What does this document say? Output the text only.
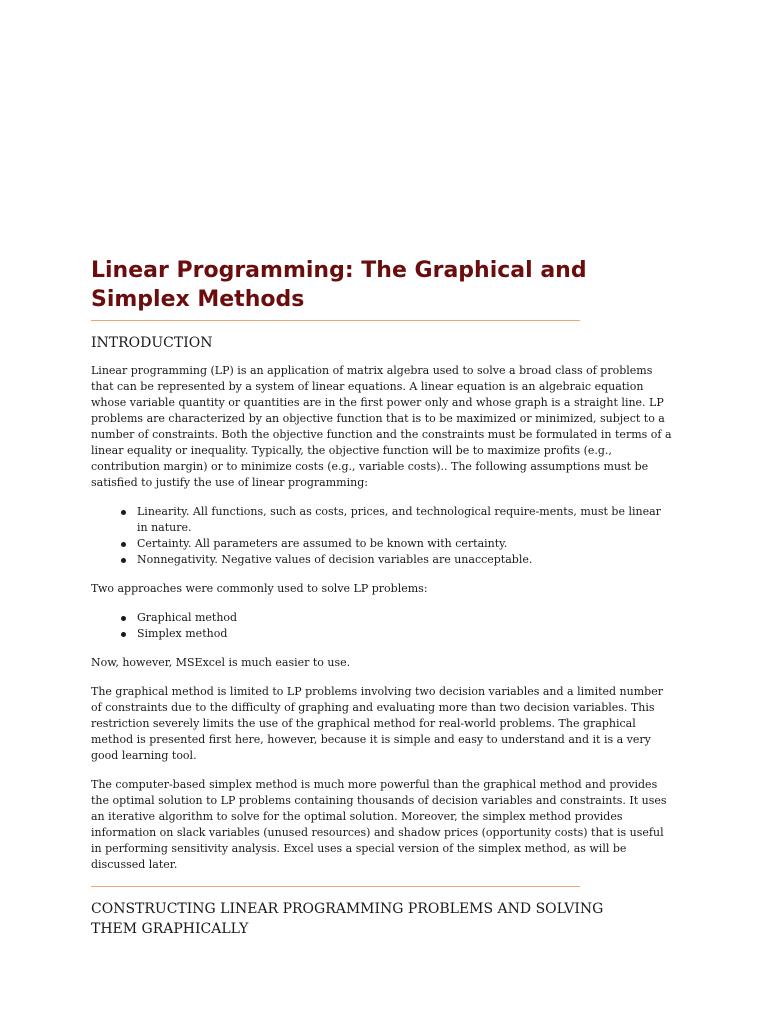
Linear Programming: The Graphical and Simplex Methods
INTRODUCTION

Linear programming (LP) is an application of matrix algebra used to solve a broad class of problems that can be represented by a system of linear equations. A linear equation is an algebraic equation whose variable quantity or quantities are in the first power only and whose graph is a straight line. LP problems are characterized by an objective function that is to be maximized or minimized, subject to a number of constraints. Both the objective function and the constraints must be formulated in terms of a linear equality or inequality. Typically, the objective function will be to maximize profits (e.g., contribution margin) or to minimize costs (e.g., variable costs).. The following assumptions must be satisfied to justify the use of linear programming:

Linearity. All functions, such as costs, prices, and technological require-ments, must be linear in nature.
Certainty. All parameters are assumed to be known with certainty.
Nonnegativity. Negative values of decision variables are unacceptable.

Two approaches were commonly used to solve LP problems:

Graphical method
Simplex method

Now, however, MSExcel is much easier to use.

The graphical method is limited to LP problems involving two decision variables and a limited number of constraints due to the difficulty of graphing and evaluating more than two decision variables. This restriction severely limits the use of the graphical method for real-world problems. The graphical method is presented first here, however, because it is simple and easy to understand and it is a very good learning tool.

The computer-based simplex method is much more powerful than the graphical method and provides the optimal solution to LP problems containing thousands of decision variables and constraints. It uses an iterative algorithm to solve for the optimal solution. Moreover, the simplex method provides information on slack variables (unused resources) and shadow prices (opportunity costs) that is useful in performing sensitivity analysis. Excel uses a special version of the simplex method, as will be discussed later.

CONSTRUCTING LINEAR PROGRAMMING PROBLEMS AND SOLVING THEM GRAPHICALLY
